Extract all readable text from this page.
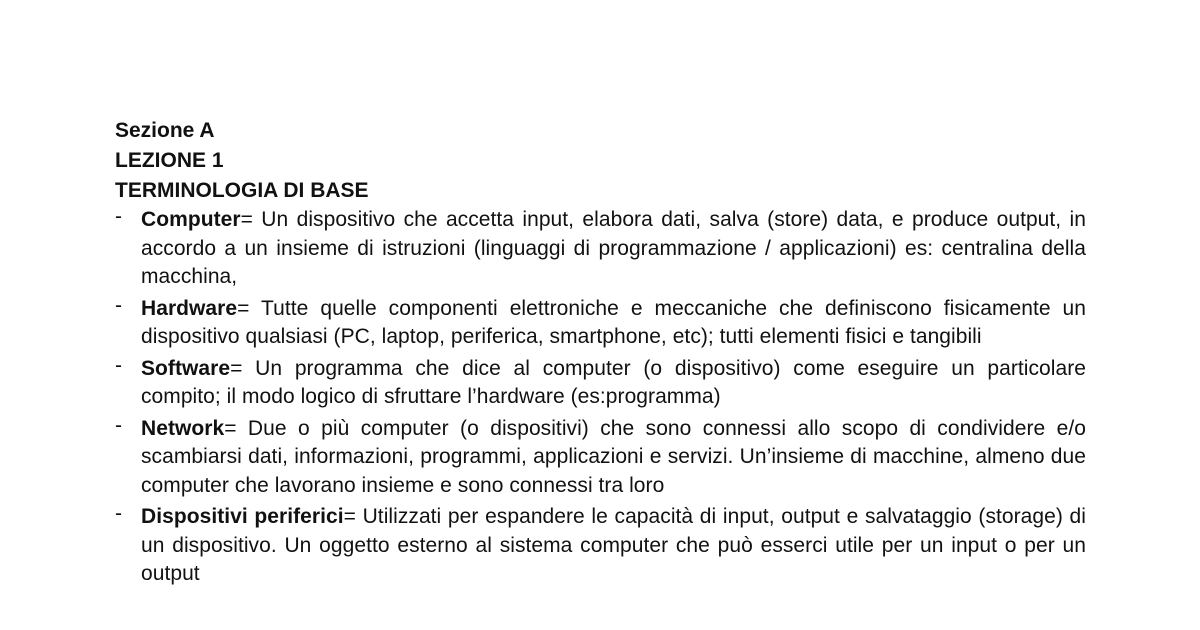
Sezione A

LEZIONE 1

TERMINOLOGIA DI BASE

- Computer= Un dispositivo che accetta input, elabora dati, salva (store) data, e produce output, in accordo a un insieme di istruzioni (linguaggi di programmazione / applicazioni) es: centralina della macchina,
- Hardware= Tutte quelle componenti elettroniche e meccaniche che definiscono fisicamente un dispositivo qualsiasi (PC, laptop, periferica, smartphone, etc); tutti elementi fisici e tangibili
- Software= Un programma che dice al computer (o dispositivo) come eseguire un particolare compito; il modo logico di sfruttare l’hardware (es:programma)
- Network= Due o più computer (o dispositivi) che sono connessi allo scopo di condividere e/o scambiarsi dati, informazioni, programmi, applicazioni e servizi. Un’insieme di macchine, almeno due computer che lavorano insieme e sono connessi tra loro
- Dispositivi periferici= Utilizzati per espandere le capacità di input, output e salvataggio (storage) di un dispositivo. Un oggetto esterno al sistema computer che può esserci utile per un input o per un output
